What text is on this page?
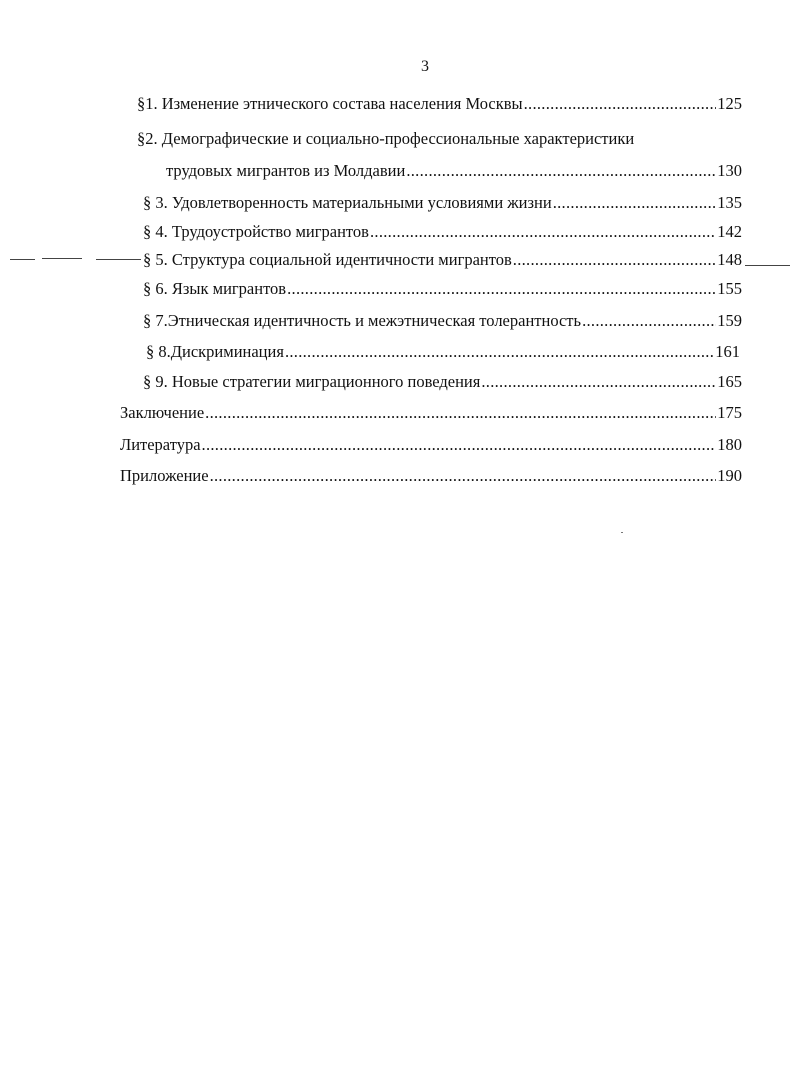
3
§1. Изменение этнического состава населения Москвы .....	125
§2. Демографические и социально-профессиональные характеристики
трудовых мигрантов из Молдавии .....	130
§ 3. Удовлетворенность материальными условиями жизни .....	135
§ 4. Трудоустройство мигрантов .....	142
§ 5. Структура социальной идентичности мигрантов .....	148
§ 6. Язык мигрантов .....	155
§ 7.Этническая идентичность и межэтническая толерантность .....	159
§ 8.Дискриминация .....	161
§ 9. Новые стратегии миграционного поведения .....	165
Заключение .....	175
Литература .....	180
Приложение .....	190
